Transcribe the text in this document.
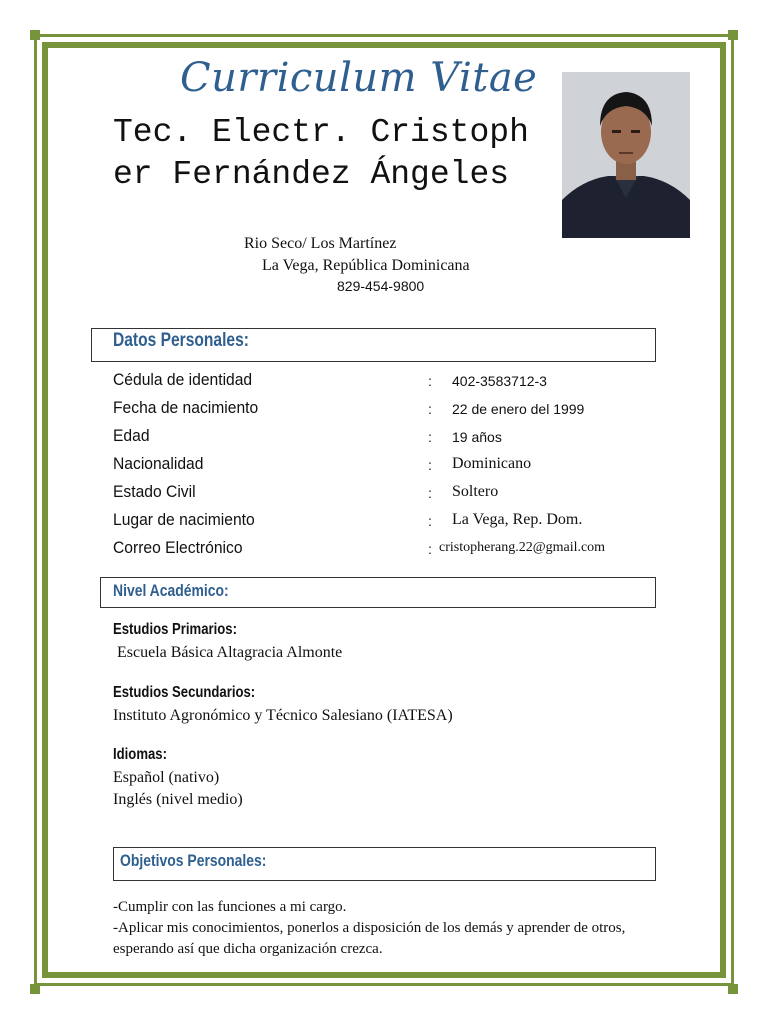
Curriculum Vitae
Tec. Electr. Cristopher Fernández Ángeles
Rio Seco/ Los Martínez
La Vega, República Dominicana
829-454-9800
Datos Personales:
Cédula de identidad	: 402-3583712-3
Fecha de nacimiento	: 22 de enero del 1999
Edad	: 19 años
Nacionalidad	: Dominicano
Estado Civil	: Soltero
Lugar de nacimiento	: La Vega, Rep. Dom.
Correo Electrónico	: cristopherang.22@gmail.com
Nivel Académico:
Estudios Primarios:
Escuela Básica Altagracia Almonte
Estudios Secundarios:
Instituto Agronómico y Técnico Salesiano (IATESA)
Idiomas:
Español (nativo)
Inglés (nivel medio)
Objetivos Personales:
-Cumplir con las funciones a mi cargo.
-Aplicar mis conocimientos, ponerlos a disposición de los demás y aprender de otros, esperando así que dicha organización crezca.
